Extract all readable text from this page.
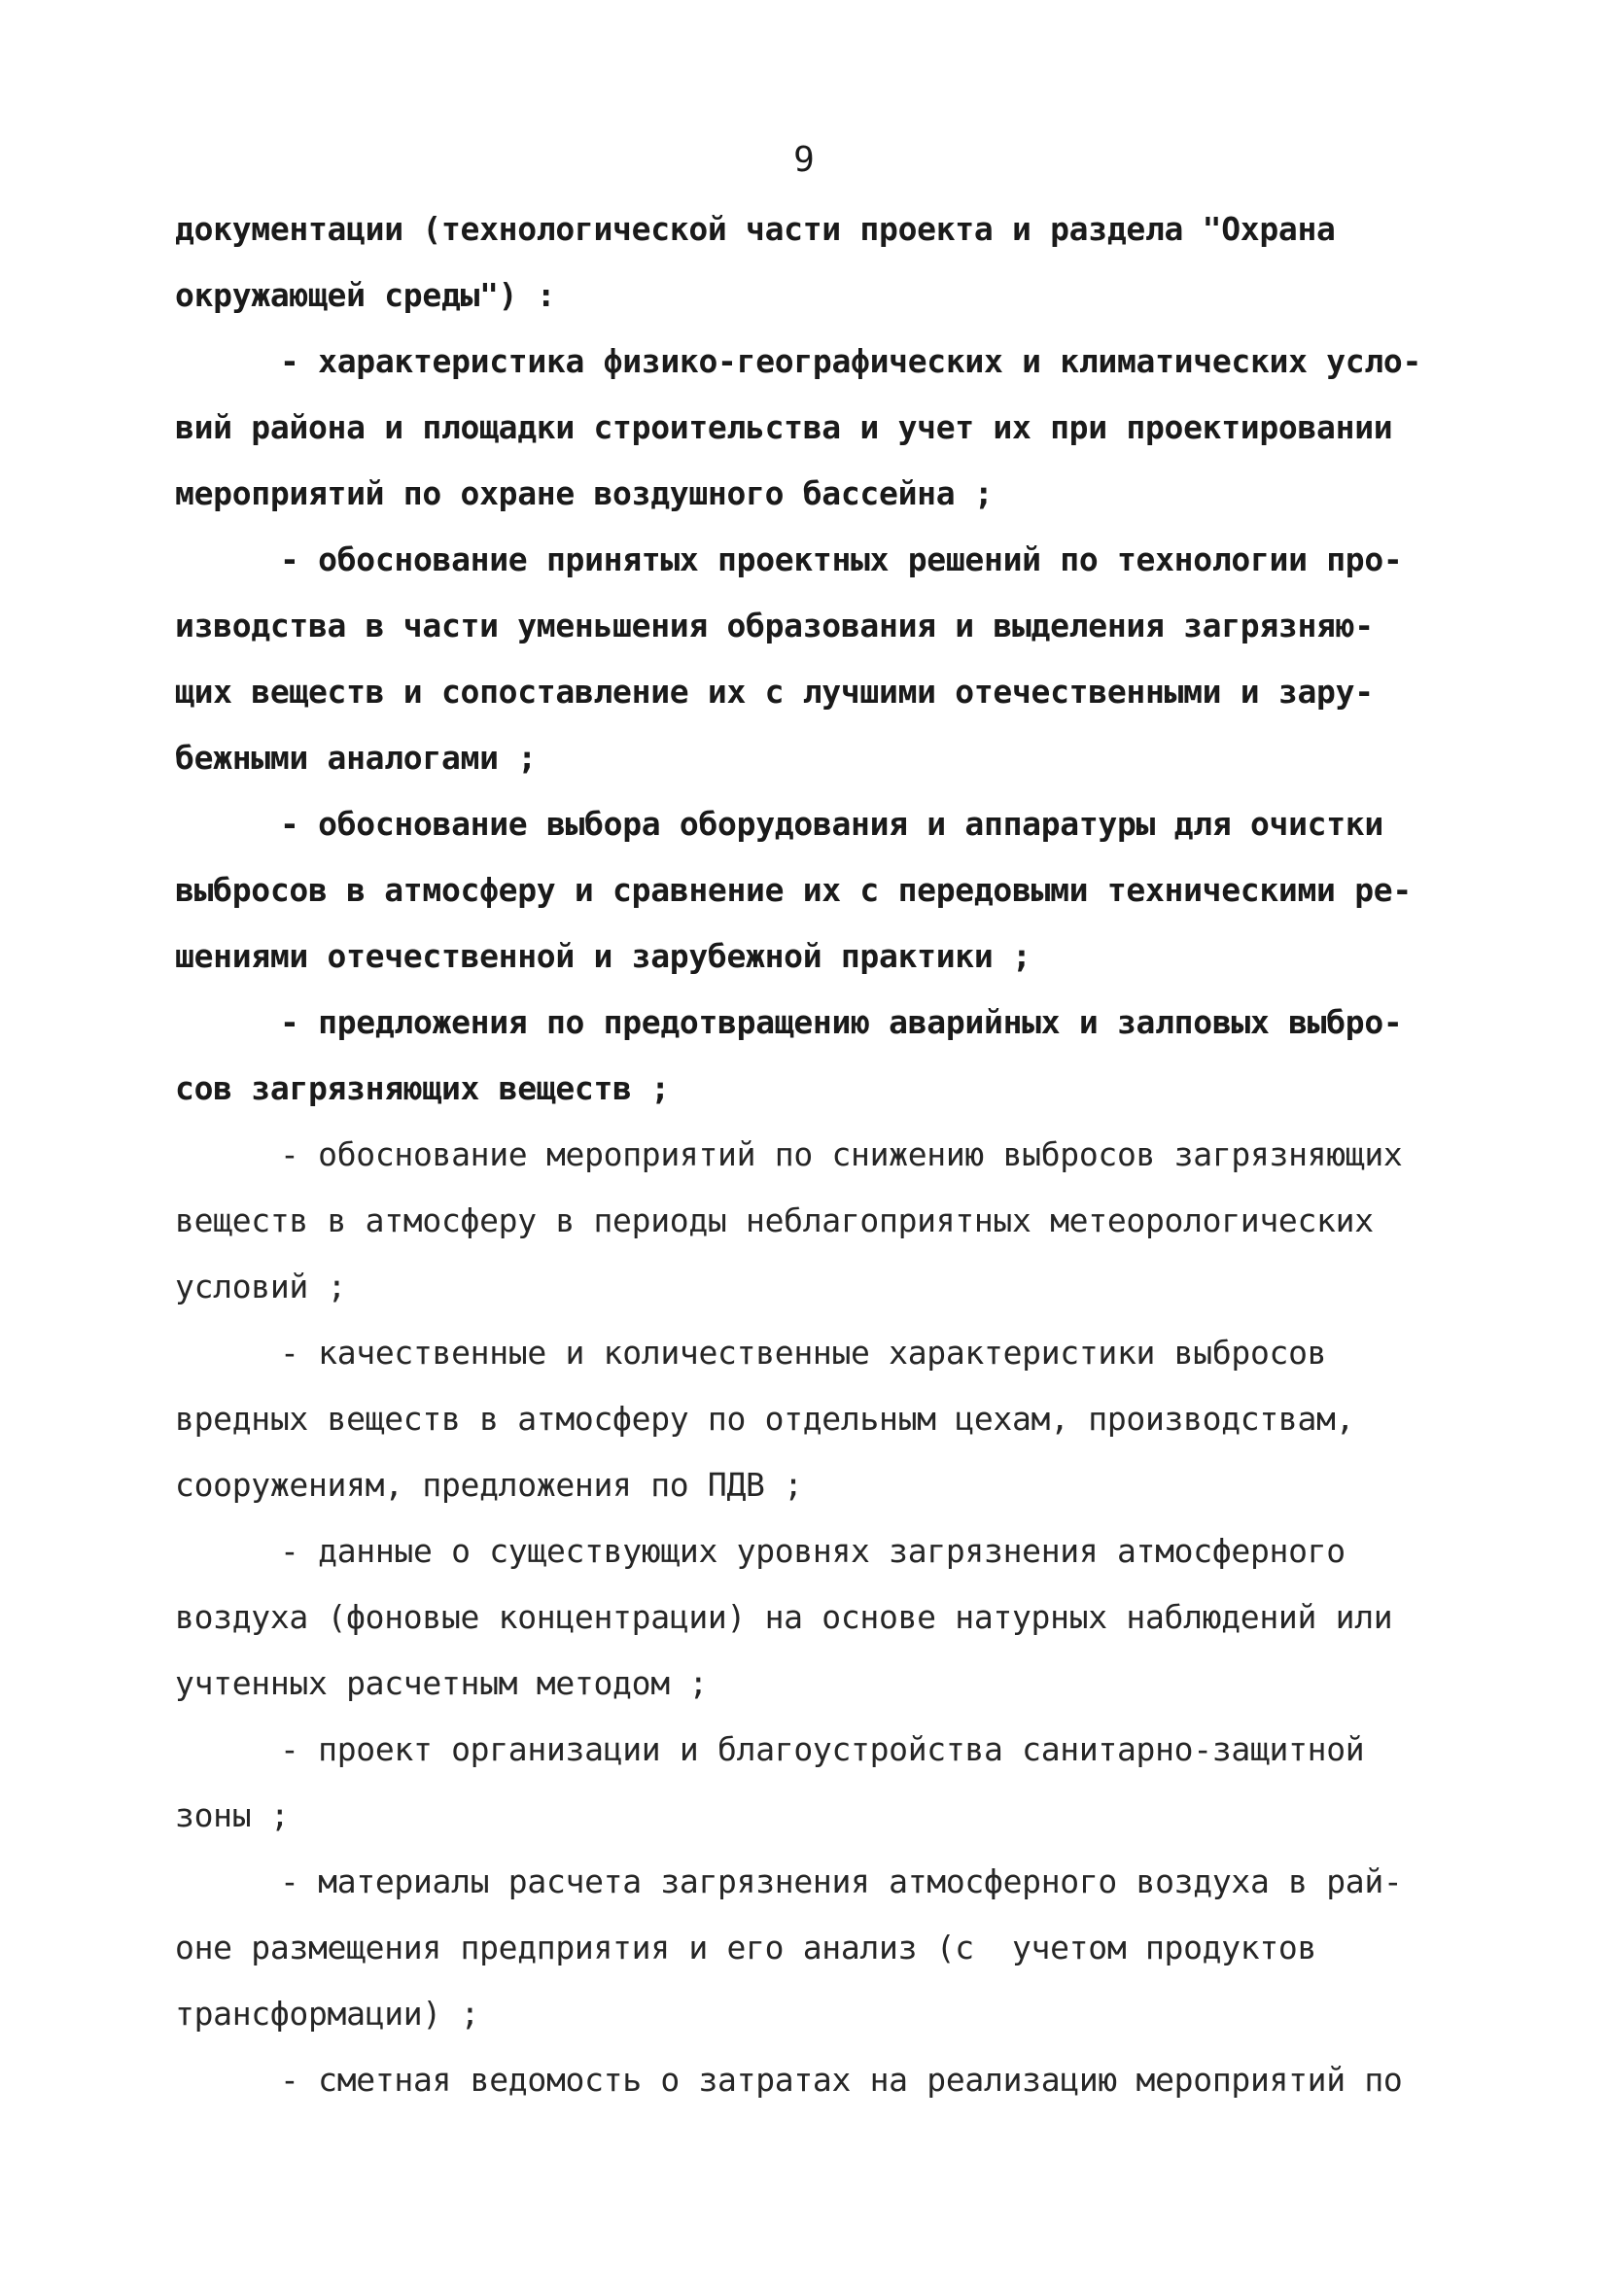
9
документации (технологической части проекта и раздела "Охрана
окружающей среды") :
- характеристика физико-географических и климатических усло-
вий района и площадки строительства и учет их при проектировании
мероприятий по охране воздушного бассейна ;
- обоснование принятых проектных решений по технологии про-
изводства в части уменьшения образования и выделения загрязняю-
щих веществ и сопоставление их с лучшими отечественными и зару-
бежными аналогами ;
- обоснование выбора оборудования и аппаратуры для очистки
выбросов в атмосферу и сравнение их с передовыми техническими ре-
шениями отечественной и зарубежной практики ;
- предложения по предотвращению аварийных и залповых выбро-
сов загрязняющих веществ ;
- обоснование мероприятий по снижению выбросов загрязняющих
веществ в атмосферу в периоды неблагоприятных метеорологических
условий ;
- качественные и количественные характеристики выбросов
вредных веществ в атмосферу по отдельным цехам, производствам,
сооружениям, предложения по ПДВ ;
- данные о существующих уровнях загрязнения атмосферного
воздуха (фоновые концентрации) на основе натурных наблюдений или
учтенных расчетным методом ;
- проект организации и благоустройства санитарно-защитной
зоны ;
- материалы расчета загрязнения атмосферного воздуха в рай-
оне размещения предприятия и его анализ (с  учетом продуктов
трансформации) ;
- сметная ведомость о затратах на реализацию мероприятий по
